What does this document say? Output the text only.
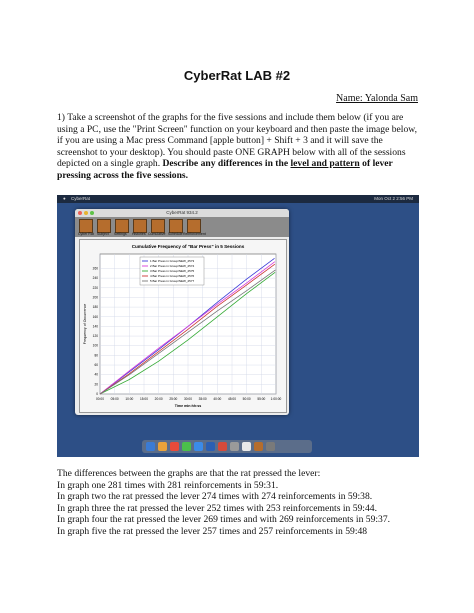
CyberRat LAB #2
Name: Yalonda Sam
1) Take a screenshot of the graphs for the five sessions and include them below (if you are using a PC, use the "Print Screen" function on your keyboard and then paste the image below, if you are using a Mac press Command [apple button] + Shift + 3 and it will save the screenshot to your desktop). You should paste ONE GRAPH below with all of the sessions depicted on a single graph. Describe any differences in the level and pattern of lever pressing across the five sessions.
● CyberRat	Mon Oct 2 2:56 PM
CyberRat 934.2
Cyber Rat Subject Settings Histories Cumulative Schedule Reinforcement
Cumulative Frequency of "Bar Press" in 5 Sessions
00:00 05:00 10:00 15:00 20:00 25:00 30:00 35:00 40:00 45:00 50:00 55:00 1:00:00
0
20
40
60
80
100
120
140
160
180
200
220
240
260
Time min:hh:ss
Frequency of Occurrence
1 Bar Press in Group/NEW_2573
2 Bar Press in Group/NEW_2574
3 Bar Press in Group/NEW_2575
4 Bar Press in Group/NEW_2576
5 Bar Press in Group/NEW_2577
The differences between the graphs are that the rat pressed the lever:
In graph one 281 times with 281 reinforcements in 59:31.
In graph two the rat pressed the lever 274 times with 274 reinforcements in 59:38.
In graph three the rat pressed the lever 252 times with 253 reinforcements in 59:44.
In graph four the rat pressed the lever 269 times and with 269 reinforcements in 59:37.
In graph five the rat pressed the lever 257 times and 257 reinforcements in 59:48
